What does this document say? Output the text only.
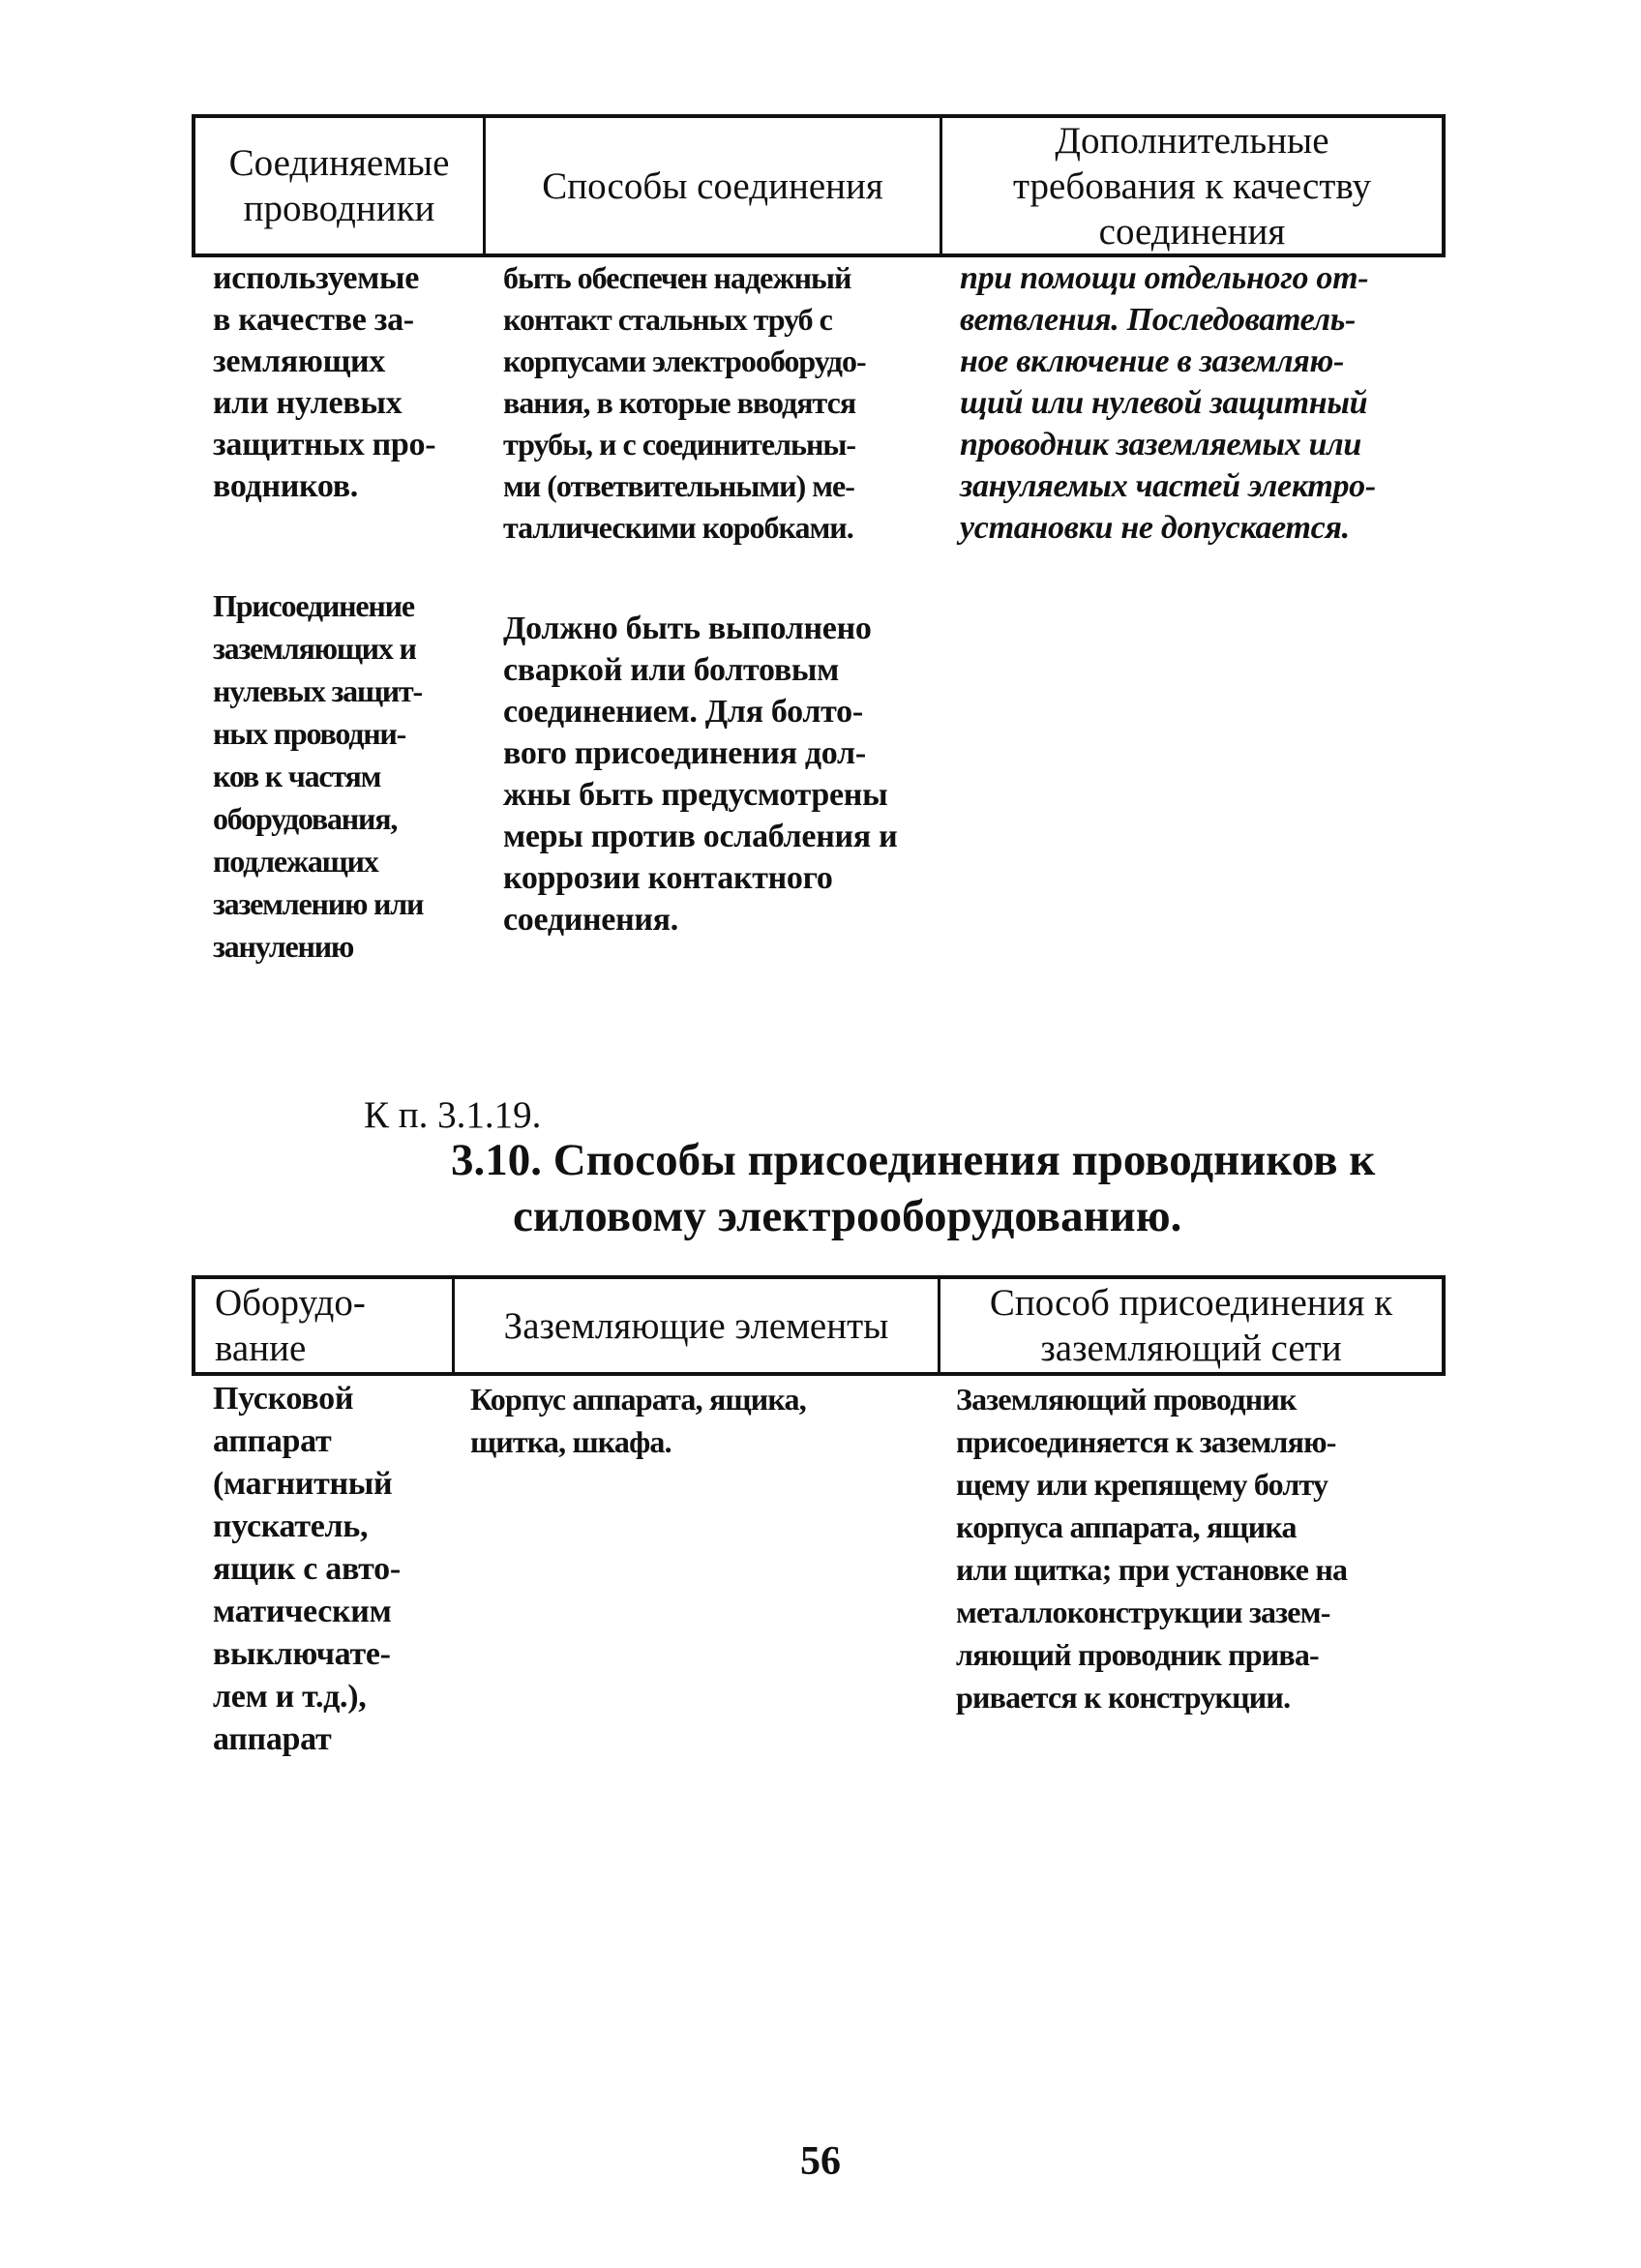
Соединяемые
проводники
Способы соединения
Дополнительные
требования к качеству
соединения
используемые
в качестве за-
земляющих
или нулевых
защитных про-
водников.
быть обеспечен надежный
контакт стальных труб с
корпусами электрооборудо-
вания, в которые вводятся
трубы, и с соединительны-
ми (ответвительными) ме-
таллическими коробками.
при помощи отдельного от-
ветвления. Последователь-
ное включение в заземляю-
щий или нулевой защитный
проводник заземляемых или
зануляемых частей электро-
установки не допускается.
Присоединение
заземляющих и
нулевых защит-
ных проводни-
ков к частям
оборудования,
подлежащих
заземлению или
занулению
Должно быть выполнено
сваркой или болтовым
соединением. Для болто-
вого присоединения дол-
жны быть предусмотрены
меры против ослабления и
коррозии контактного
соединения.
К п. 3.1.19.
3.10. Способы присоединения проводников к
силовому электрооборудованию.
Оборудо-
вание
Заземляющие элементы
Способ присоединения к
заземляющий сети
Пусковой
аппарат
(магнитный
пускатель,
ящик с авто-
матическим
выключате-
лем и т.д.),
аппарат
Корпус аппарата, ящика,
щитка, шкафа.
Заземляющий проводник
присоединяется к заземляю-
щему или крепящему болту
корпуса аппарата, ящика
или щитка; при установке на
металлоконструкции зазем-
ляющий проводник прива-
ривается к конструкции.
56
